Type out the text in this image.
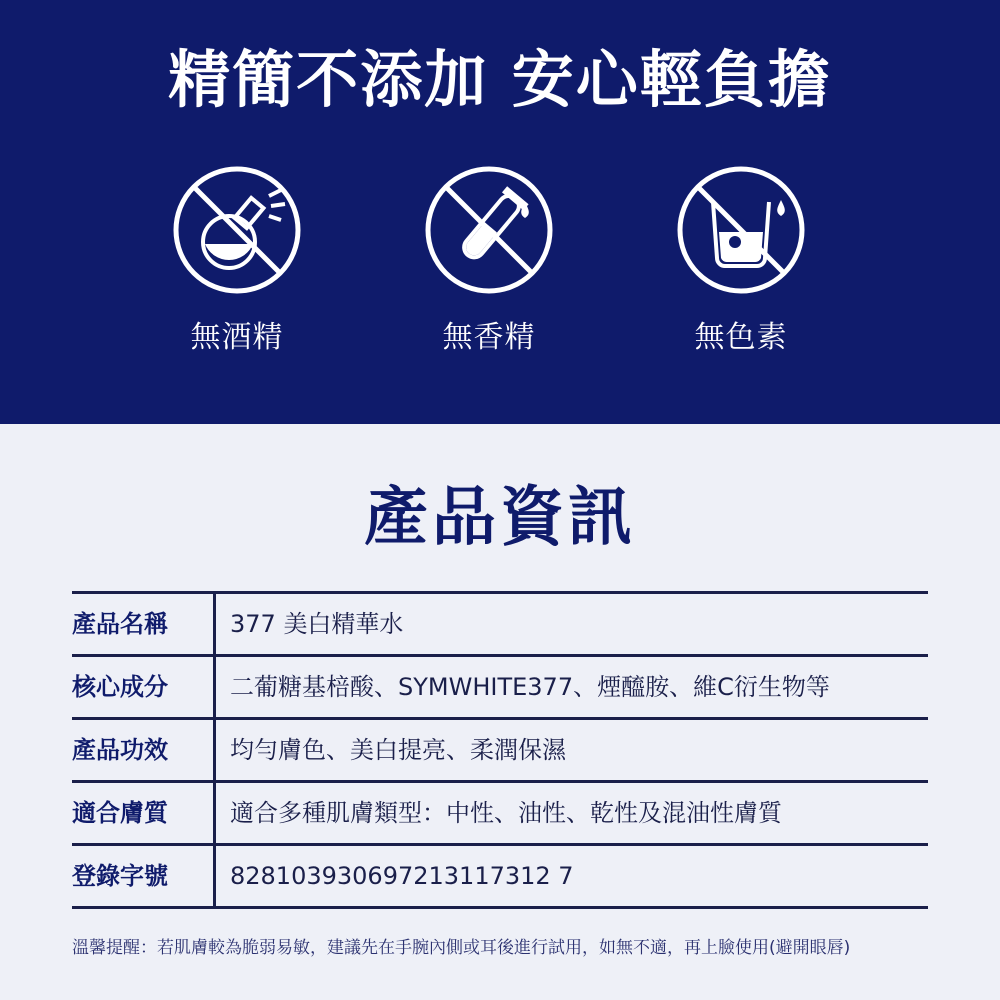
精簡不添加 安心輕負擔
無酒精	無香精	無色素
產品資訊
產品名稱	377 美白精華水
核心成分	二葡糖基棓酸、SYMWHITE377、煙醯胺、維C衍生物等
產品功效	均勻膚色、美白提亮、柔潤保濕
適合膚質	適合多種肌膚類型：中性、油性、乾性及混油性膚質
登錄字號	828103930697213117312 7
溫馨提醒：若肌膚較為脆弱易敏，建議先在手腕內側或耳後進行試用，如無不適，再上臉使用(避開眼唇)
